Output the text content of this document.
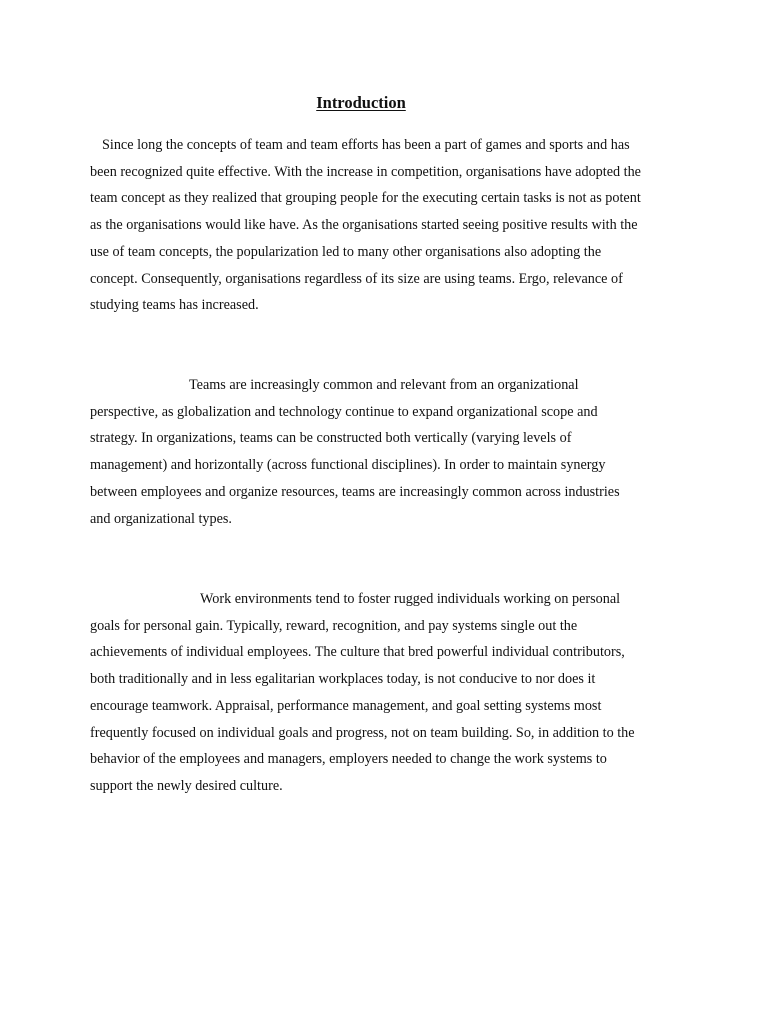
Introduction

Since long the concepts of team and team efforts has been a part of games and sports and has
been recognized quite effective. With the increase in competition, organisations have adopted the
team concept as they realized that grouping people for the executing certain tasks is not as potent
as the organisations would like have. As the organisations started seeing positive results with the
use of team concepts, the popularization led to many other organisations also adopting the
concept. Consequently, organisations regardless of its size are using teams. Ergo, relevance of
studying teams has increased.

Teams are increasingly common and relevant from an organizational
perspective, as globalization and technology continue to expand organizational scope and
strategy. In organizations, teams can be constructed both vertically (varying levels of
management) and horizontally (across functional disciplines). In order to maintain synergy
between employees and organize resources, teams are increasingly common across industries
and organizational types.

Work environments tend to foster rugged individuals working on personal
goals for personal gain. Typically, reward, recognition, and pay systems single out the
achievements of individual employees. The culture that bred powerful individual contributors,
both traditionally and in less egalitarian workplaces today, is not conducive to nor does it
encourage teamwork. Appraisal, performance management, and goal setting systems most
frequently focused on individual goals and progress, not on team building. So, in addition to the
behavior of the employees and managers, employers needed to change the work systems to
support the newly desired culture.
